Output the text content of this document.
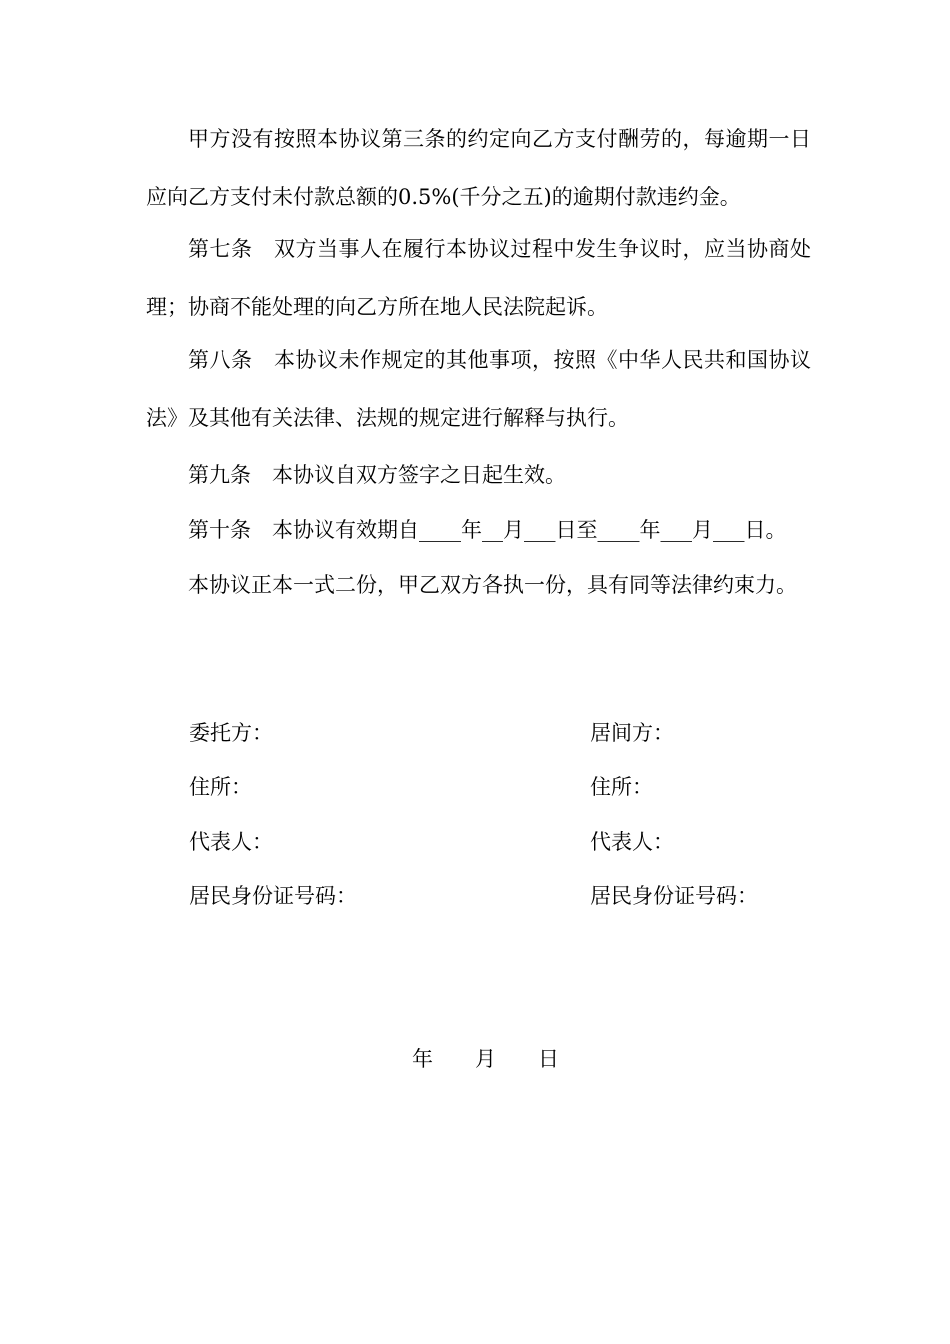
甲方没有按照本协议第三条的约定向乙方支付酬劳的，每逾期一日应向乙方支付未付款总额的0.5%(千分之五)的逾期付款违约金。

第七条　双方当事人在履行本协议过程中发生争议时，应当协商处理；协商不能处理的向乙方所在地人民法院起诉。

第八条　本协议未作规定的其他事项，按照《中华人民共和国协议法》及其他有关法律、法规的规定进行解释与执行。

第九条　本协议自双方签字之日起生效。

第十条　本协议有效期自____年__月___日至____年___月___日。

本协议正本一式二份，甲乙双方各执一份，具有同等法律约束力。

委托方：
住所：
代表人：
居民身份证号码：
居间方：
住所：
代表人：
居民身份证号码：
年　　月　　日
